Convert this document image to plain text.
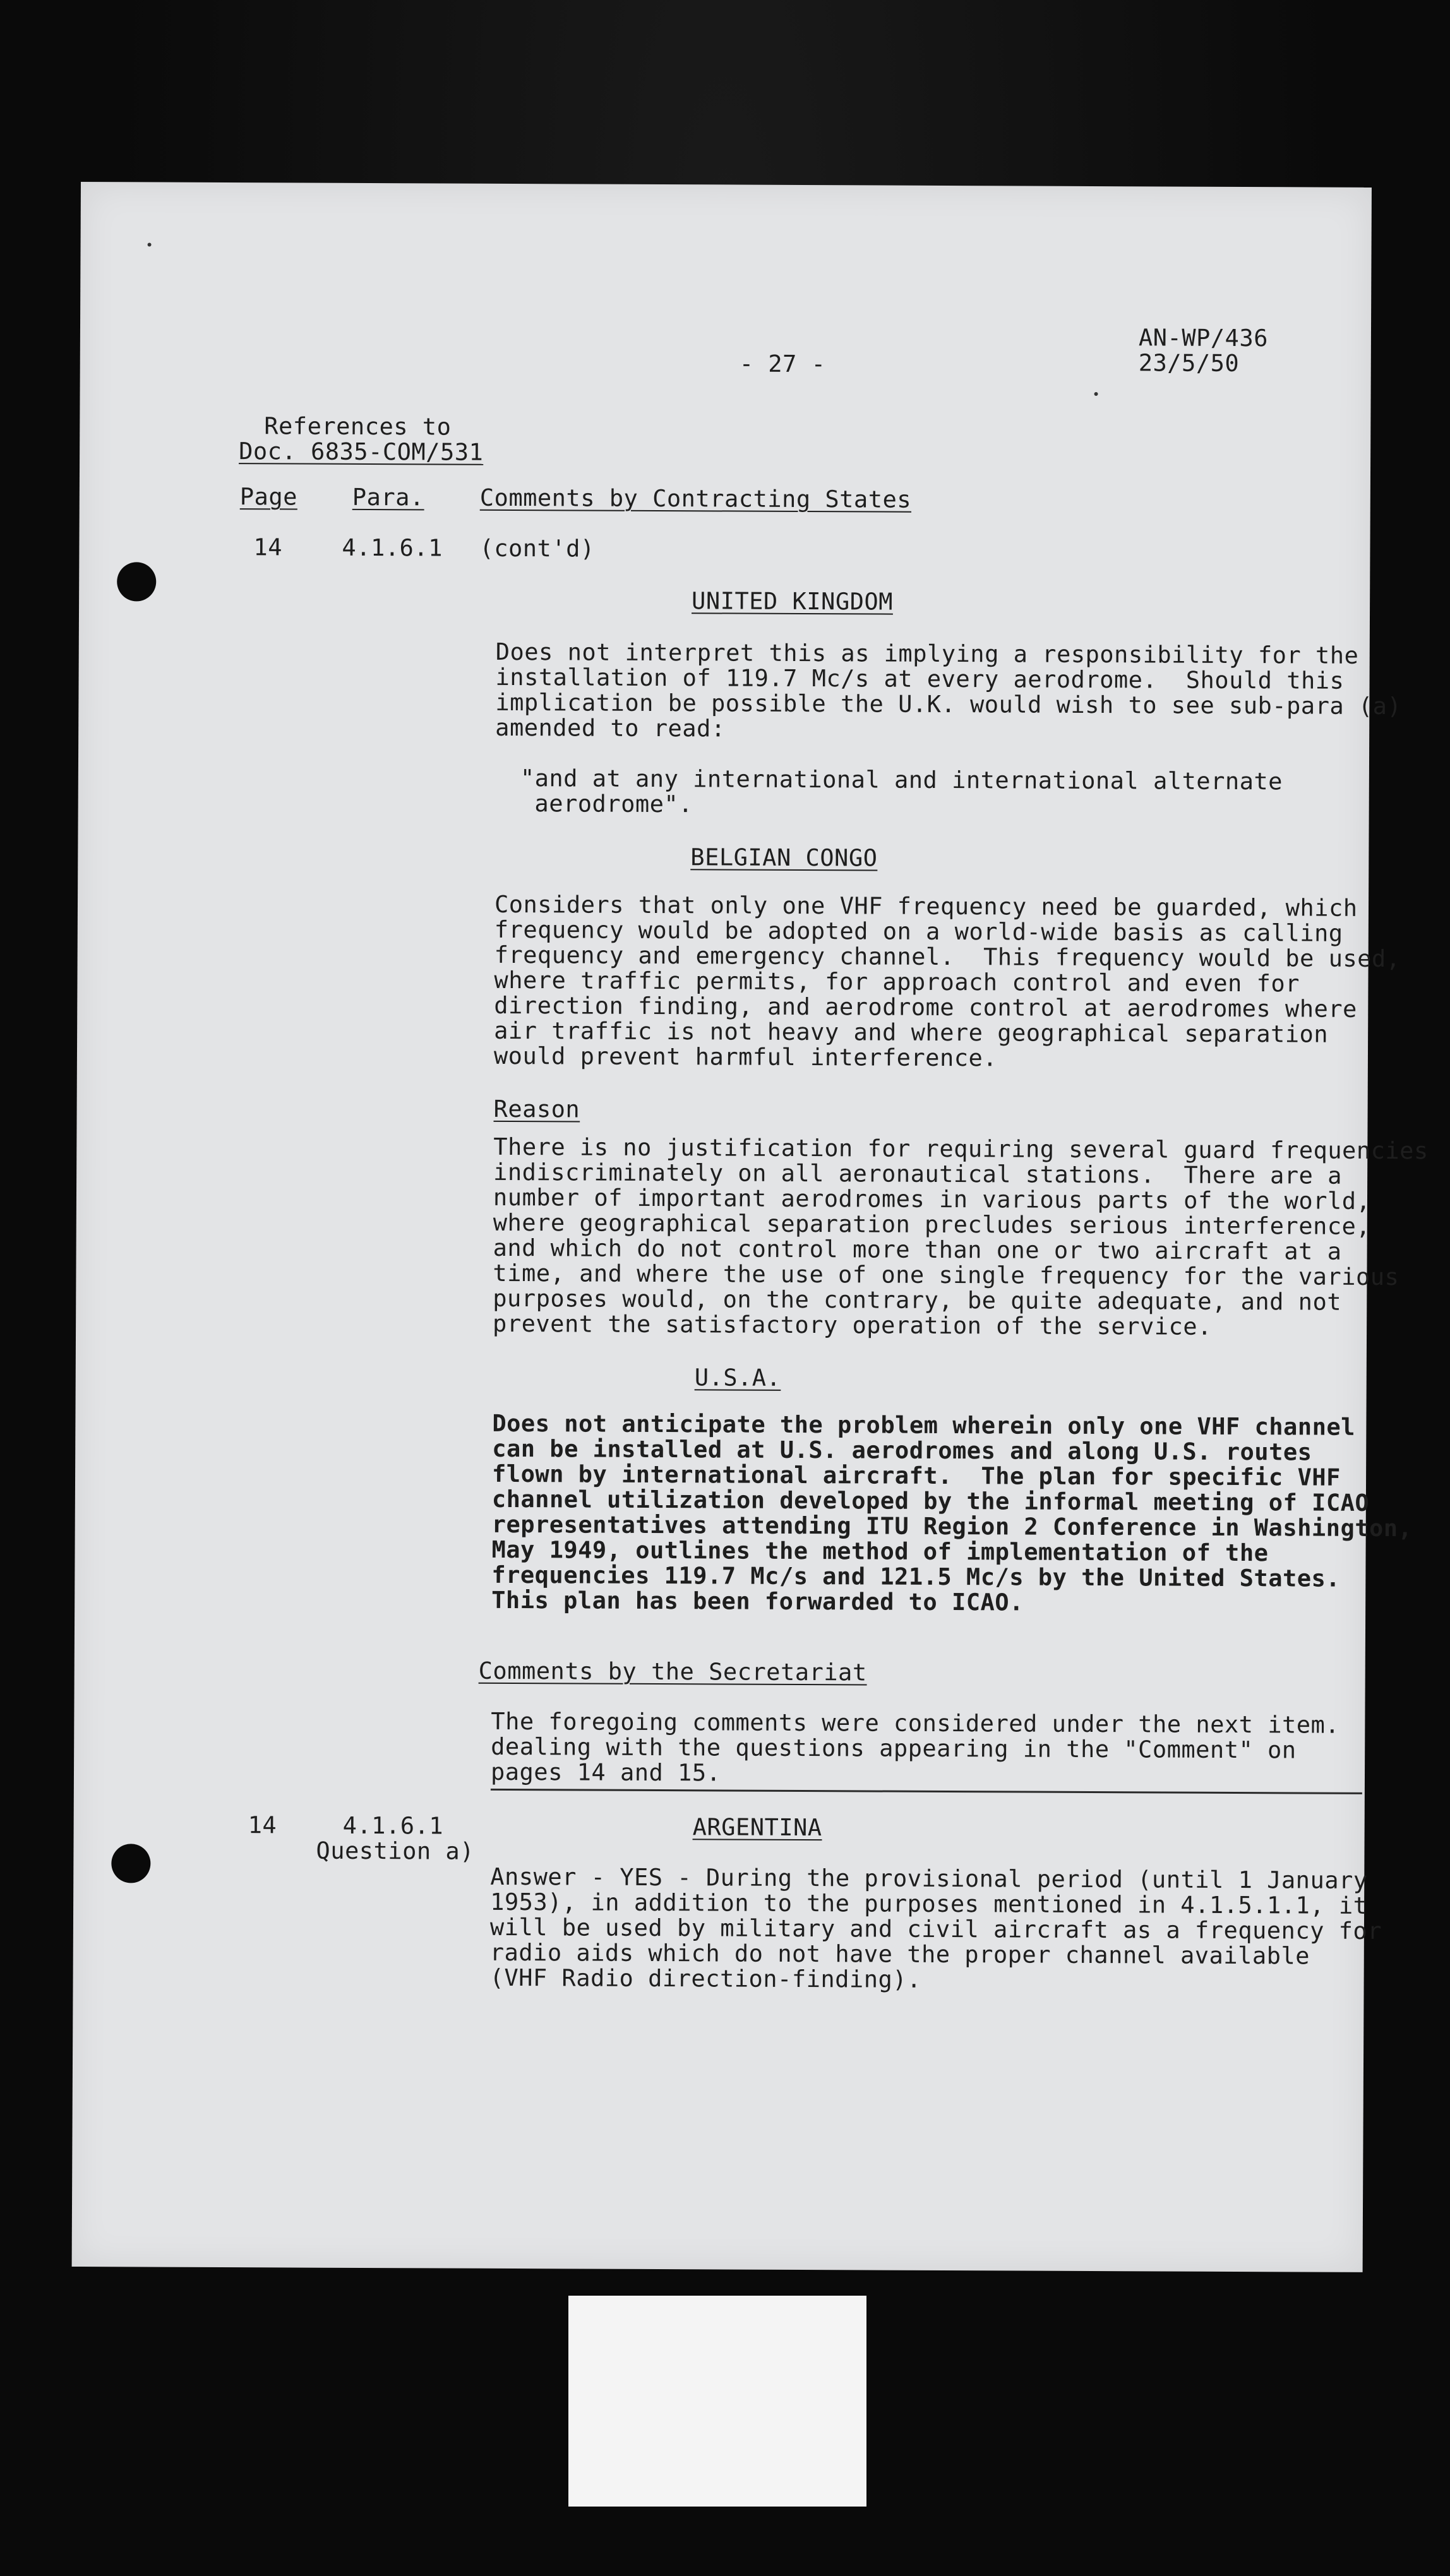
- 27 -
AN-WP/436
23/5/50
References to
Doc. 6835-COM/531
Page Para. Comments by Contracting States
14	4.1.6.1 (cont'd)
UNITED KINGDOM
Does not interpret this as implying a responsibility for the
installation of 119.7 Mc/s at every aerodrome.  Should this
implication be possible the U.K. would wish to see sub-para (a)
amended to read:
"and at any international and international alternate
aerodrome".
BELGIAN CONGO
Considers that only one VHF frequency need be guarded, which
frequency would be adopted on a world-wide basis as calling
frequency and emergency channel.  This frequency would be used,
where traffic permits, for approach control and even for
direction finding, and aerodrome control at aerodromes where
air traffic is not heavy and where geographical separation
would prevent harmful interference.
Reason
There is no justification for requiring several guard frequencies
indiscriminately on all aeronautical stations.  There are a
number of important aerodromes in various parts of the world,
where geographical separation precludes serious interference,
and which do not control more than one or two aircraft at a
time, and where the use of one single frequency for the various
purposes would, on the contrary, be quite adequate, and not
prevent the satisfactory operation of the service.
U.S.A.
Does not anticipate the problem wherein only one VHF channel
can be installed at U.S. aerodromes and along U.S. routes
flown by international aircraft.  The plan for specific VHF
channel utilization developed by the informal meeting of ICAO
representatives attending ITU Region 2 Conference in Washington,
May 1949, outlines the method of implementation of the
frequencies 119.7 Mc/s and 121.5 Mc/s by the United States.
This plan has been forwarded to ICAO.
Comments by the Secretariat
The foregoing comments were considered under the next item.
dealing with the questions appearing in the "Comment" on
pages 14 and 15.
14	4.1.6.1
Question a)
ARGENTINA
Answer - YES - During the provisional period (until 1 January
1953), in addition to the purposes mentioned in 4.1.5.1.1, it
will be used by military and civil aircraft as a frequency for
radio aids which do not have the proper channel available
(VHF Radio direction-finding).
